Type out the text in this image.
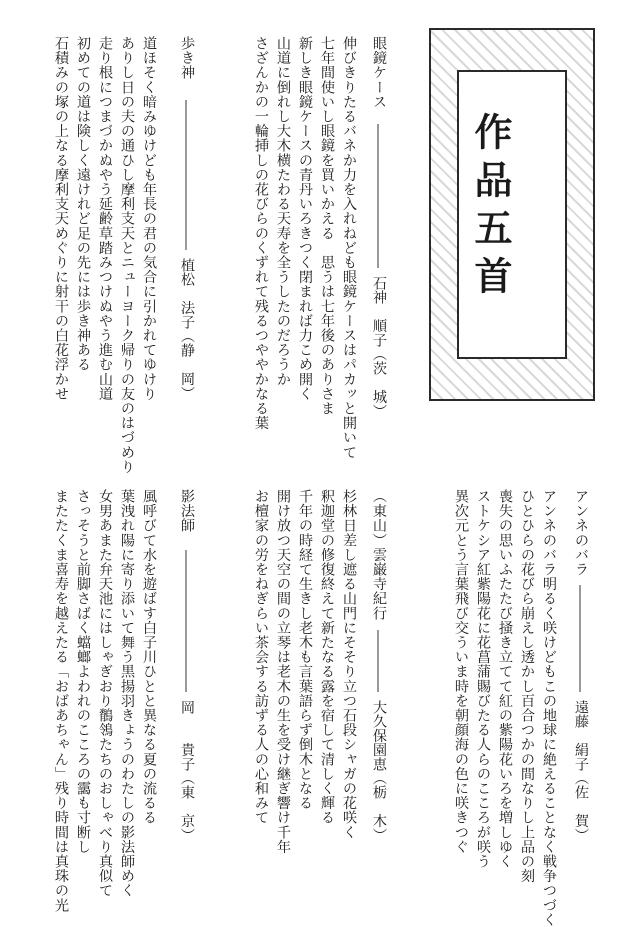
作品五首
眼鏡ケース
石神　順子（茨　城）
伸びきりたるバネか力を入れねども眼鏡ケースはパカッと開いて
七年間使いし眼鏡を買いかえる　思うは七年後のありさま
新しき眼鏡ケースの青丹いろきつく閉まれば力こめ開く
山道に倒れし大木横たわる天寿を全うしたのだろうか
さざんかの一輪挿しの花びらのくずれて残るつややかなる葉
歩き神
植松　法子（静　岡）
道ほそく暗みゆけども年長の君の気合に引かれてゆけり
ありし日の夫の通ひし摩利支天とニューヨーク帰りの友のはづめり
走り根につまづかぬやう延齢草踏みつけぬやう進む山道
初めての道は険しく遠けれど足の先には歩き神ある
石積みの塚の上なる摩利支天めぐりに射干の白花浮かせ
アンネのバラ
遠藤　絹子（佐　賀）
アンネのバラ明るく咲けどもこの地球に絶えることなく戦争つづく
ひとひらの花びら崩えし透かし百合つかの間なりし上品の刻
喪失の思いふたたび掻き立てて紅の紫陽花いろを増しゆく
ストケシア紅紫陽花に花菖蒲賜びたる人らのこころが咲う
異次元とう言葉飛び交ういま時を朝顔海の色に咲きつぐ
（東山）雲巌寺紀行
大久保園恵（栃　木）
杉林日差し遮る山門にそそり立つ石段シャガの花咲く
釈迦堂の修復終えて新たなる露を宿して清しく輝る
千年の時経て生きし老木も言葉語らず倒木となる
開け放つ天空の間の立琴は老木の生を受け継ぎ響け千年
お檀家の労をねぎらい茶会する訪ずる人の心和みて
影法師
岡　　貴子（東　京）
風呼びて水を遊ばす白子川ひとと異なる夏の流るる
葉洩れ陽に寄り添いて舞う黒揚羽きょうのわたしの影法師めく
女男あまた弁天池にはしゃぎおり鶺鴒たちのおしゃべり真似て
さっそうと前脚さばく蟷螂よわれのこころの靄も寸断し
またたくま喜寿を越えたる「おばあちゃん」残り時間は真珠の光
